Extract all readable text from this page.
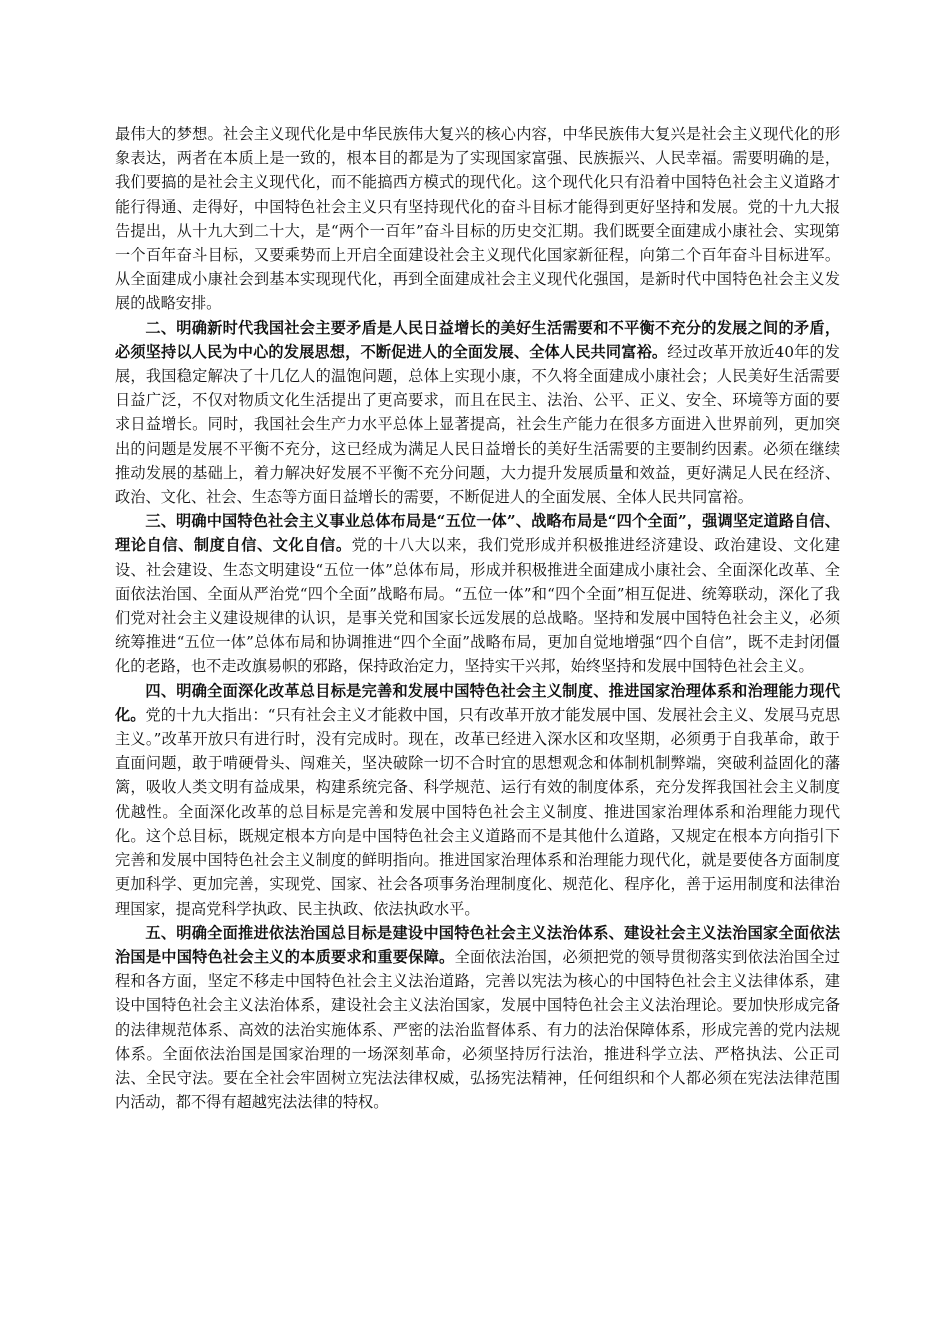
最伟大的梦想。社会主义现代化是中华民族伟大复兴的核心内容，中华民族伟大复兴是社会主义现代化的形象表达，两者在本质上是一致的，根本目的都是为了实现国家富强、民族振兴、人民幸福。需要明确的是，我们要搞的是社会主义现代化，而不能搞西方模式的现代化。这个现代化只有沿着中国特色社会主义道路才能行得通、走得好，中国特色社会主义只有坚持现代化的奋斗目标才能得到更好坚持和发展。党的十九大报告提出，从十九大到二十大，是“两个一百年”奋斗目标的历史交汇期。我们既要全面建成小康社会、实现第一个百年奋斗目标，又要乘势而上开启全面建设社会主义现代化国家新征程，向第二个百年奋斗目标进军。从全面建成小康社会到基本实现现代化，再到全面建成社会主义现代化强国，是新时代中国特色社会主义发展的战略安排。

二、明确新时代我国社会主要矛盾是人民日益增长的美好生活需要和不平衡不充分的发展之间的矛盾，必须坚持以人民为中心的发展思想，不断促进人的全面发展、全体人民共同富裕。经过改革开放近40年的发展，我国稳定解决了十几亿人的温饱问题，总体上实现小康，不久将全面建成小康社会；人民美好生活需要日益广泛，不仅对物质文化生活提出了更高要求，而且在民主、法治、公平、正义、安全、环境等方面的要求日益增长。同时，我国社会生产力水平总体上显著提高，社会生产能力在很多方面进入世界前列，更加突出的问题是发展不平衡不充分，这已经成为满足人民日益增长的美好生活需要的主要制约因素。必须在继续推动发展的基础上，着力解决好发展不平衡不充分问题，大力提升发展质量和效益，更好满足人民在经济、政治、文化、社会、生态等方面日益增长的需要，不断促进人的全面发展、全体人民共同富裕。

三、明确中国特色社会主义事业总体布局是“五位一体”、战略布局是“四个全面”，强调坚定道路自信、理论自信、制度自信、文化自信。党的十八大以来，我们党形成并积极推进经济建设、政治建设、文化建设、社会建设、生态文明建设“五位一体”总体布局，形成并积极推进全面建成小康社会、全面深化改革、全面依法治国、全面从严治党“四个全面”战略布局。“五位一体”和“四个全面”相互促进、统筹联动，深化了我们党对社会主义建设规律的认识，是事关党和国家长远发展的总战略。坚持和发展中国特色社会主义，必须统筹推进“五位一体”总体布局和协调推进“四个全面”战略布局，更加自觉地增强“四个自信”，既不走封闭僵化的老路，也不走改旗易帜的邪路，保持政治定力，坚持实干兴邦，始终坚持和发展中国特色社会主义。

四、明确全面深化改革总目标是完善和发展中国特色社会主义制度、推进国家治理体系和治理能力现代化。党的十九大指出：“只有社会主义才能救中国，只有改革开放才能发展中国、发展社会主义、发展马克思主义。”改革开放只有进行时，没有完成时。现在，改革已经进入深水区和攻坚期，必须勇于自我革命，敢于直面问题，敢于啃硬骨头、闯难关，坚决破除一切不合时宜的思想观念和体制机制弊端，突破利益固化的藩篱，吸收人类文明有益成果，构建系统完备、科学规范、运行有效的制度体系，充分发挥我国社会主义制度优越性。全面深化改革的总目标是完善和发展中国特色社会主义制度、推进国家治理体系和治理能力现代化。这个总目标，既规定根本方向是中国特色社会主义道路而不是其他什么道路，又规定在根本方向指引下完善和发展中国特色社会主义制度的鲜明指向。推进国家治理体系和治理能力现代化，就是要使各方面制度更加科学、更加完善，实现党、国家、社会各项事务治理制度化、规范化、程序化，善于运用制度和法律治理国家，提高党科学执政、民主执政、依法执政水平。

五、明确全面推进依法治国总目标是建设中国特色社会主义法治体系、建设社会主义法治国家全面依法治国是中国特色社会主义的本质要求和重要保障。全面依法治国，必须把党的领导贯彻落实到依法治国全过程和各方面，坚定不移走中国特色社会主义法治道路，完善以宪法为核心的中国特色社会主义法律体系，建设中国特色社会主义法治体系，建设社会主义法治国家，发展中国特色社会主义法治理论。要加快形成完备的法律规范体系、高效的法治实施体系、严密的法治监督体系、有力的法治保障体系，形成完善的党内法规体系。全面依法治国是国家治理的一场深刻革命，必须坚持厉行法治，推进科学立法、严格执法、公正司法、全民守法。要在全社会牢固树立宪法法律权威，弘扬宪法精神，任何组织和个人都必须在宪法法律范围内活动，都不得有超越宪法法律的特权。
